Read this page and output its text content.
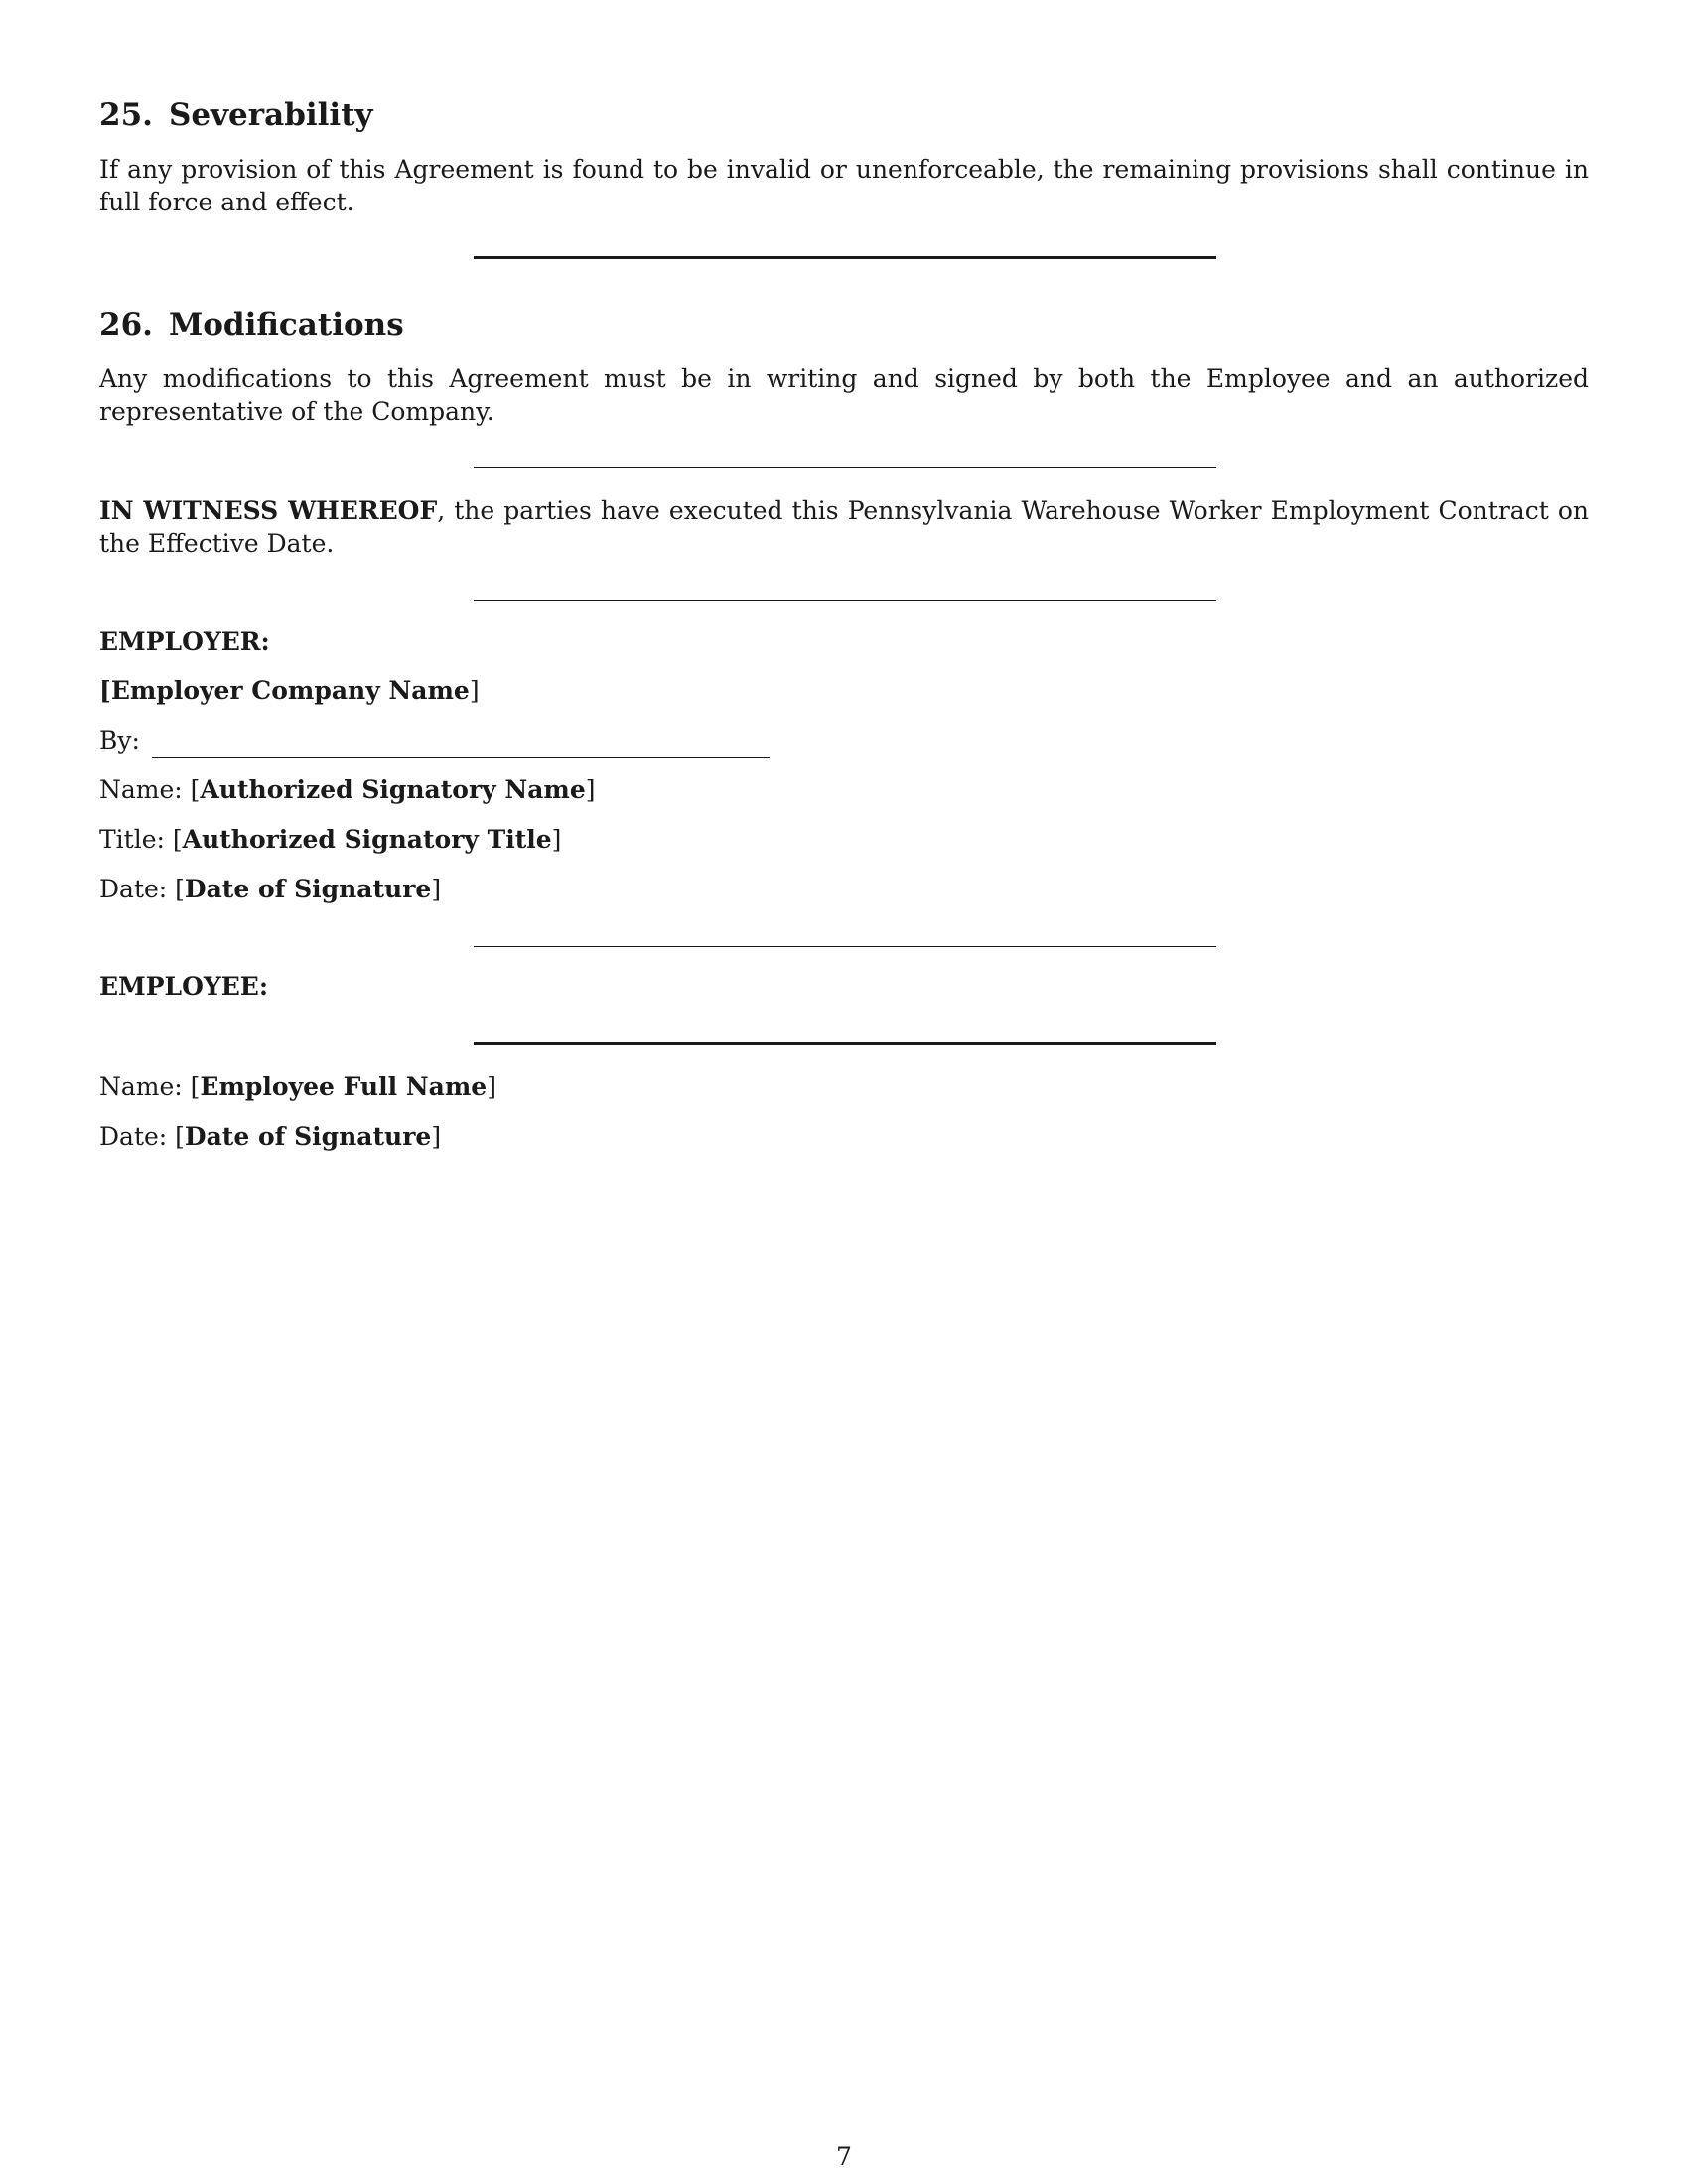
25. Severability

If any provision of this Agreement is found to be invalid or unenforceable, the remaining provisions shall continue in full force and effect.

26. Modifications

Any modifications to this Agreement must be in writing and signed by both the Employee and an authorized representative of the Company.

IN WITNESS WHEREOF, the parties have executed this Pennsylvania Warehouse Worker Employment Contract on the Effective Date.

EMPLOYER:

[Employer Company Name]

By:

Name: [Authorized Signatory Name]

Title: [Authorized Signatory Title]

Date: [Date of Signature]

EMPLOYEE:

Name: [Employee Full Name]

Date: [Date of Signature]

7
